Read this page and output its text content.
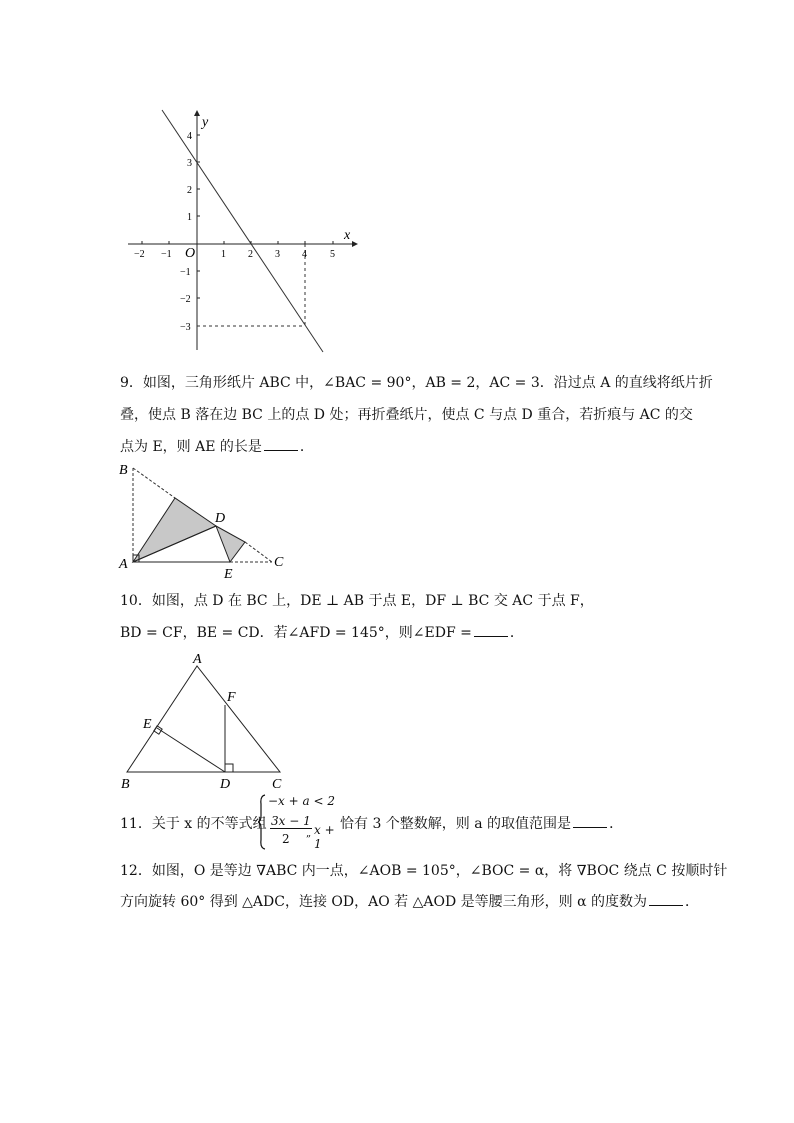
x
y
O
−2 −1	1 2 3 4 5
4
3
2
1
−1
−2
−3
9．如图，三角形纸片 ABC 中，∠BAC = 90°，AB = 2，AC = 3．沿过点 A 的直线将纸片折
叠，使点 B 落在边 BC 上的点 D 处；再折叠纸片，使点 C 与点 D 重合，若折痕与 AC 的交
点为 E，则 AE 的长是	．
B
A
D
E
C
10．如图，点 D 在 BC 上，DE ⊥ AB 于点 E，DF ⊥ BC 交 AC 于点 F，
BD = CF，BE = CD．若∠AFD = 145°，则∠EDF =	．
A
F
E
B	D	C
11．关于 x 的不等式组
−x + a < 2
3x − 1
2 „ x + 1
恰有 3 个整数解，则 a 的取值范围是	．
12．如图，O 是等边 ∇ABC 内一点，∠AOB = 105°，∠BOC = α，将 ∇BOC 绕点 C 按顺时针
方向旋转 60° 得到 △ADC，连接 OD，AO 若 △AOD 是等腰三角形，则 α 的度数为	．
